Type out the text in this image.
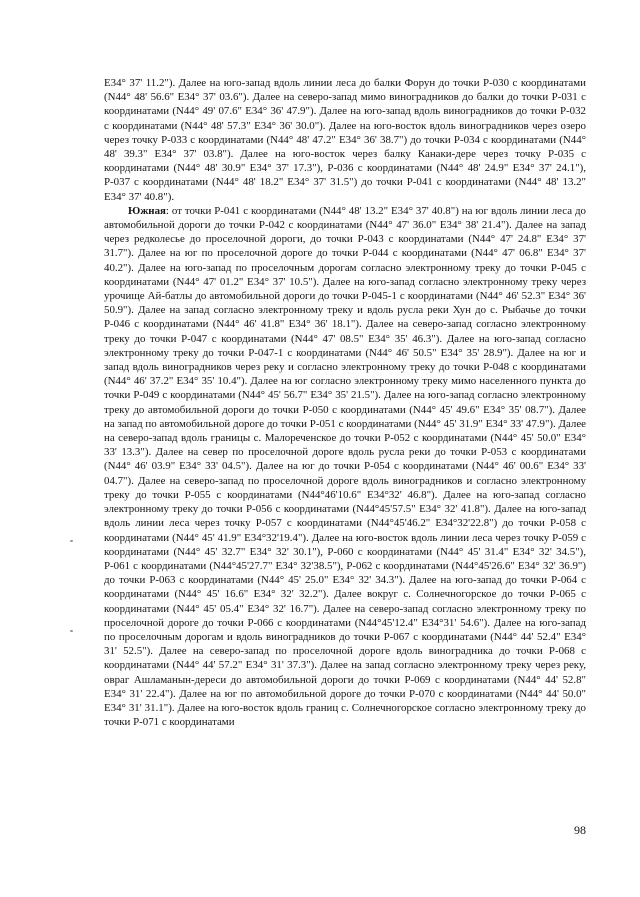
E34° 37' 11.2"). Далее на юго-запад вдоль линии леса до балки Форун до точки Р-030 с координатами (N44° 48' 56.6" E34° 37' 03.6"). Далее на северо-запад мимо виноградников до балки до точки Р-031 с координатами (N44° 49' 07.6" E34° 36' 47.9"). Далее на юго-запад вдоль виноградников до точки Р-032 с координатами (N44° 48' 57.3" E34° 36' 30.0"). Далее на юго-восток вдоль виноградников через озеро через точку Р-033 с координатами (N44° 48' 47.2" E34° 36' 38.7") до точки Р-034 с координатами (N44° 48' 39.3" E34° 37' 03.8"). Далее на юго-восток через балку Канаки-дере через точку Р-035 с координатами (N44° 48' 30.9" E34° 37' 17.3"), Р-036 с координатами (N44° 48' 24.9" E34° 37' 24.1"), Р-037 с координатами (N44° 48' 18.2" E34° 37' 31.5") до точки Р-041 с координатами (N44° 48' 13.2" E34° 37' 40.8").

Южная: от точки Р-041 с координатами (N44° 48' 13.2" E34° 37' 40.8") на юг вдоль линии леса до автомобильной дороги до точки Р-042 с координатами (N44° 47' 36.0" E34° 38' 21.4"). Далее на запад через редколесье до проселочной дороги, до точки Р-043 с координатами (N44° 47' 24.8" E34° 37' 31.7"). Далее на юг по проселочной дороге до точки Р-044 с координатами (N44° 47' 06.8" E34° 37' 40.2"). Далее на юго-запад по проселочным дорогам согласно электронному треку до точки Р-045 с координатами (N44° 47' 01.2" E34° 37' 10.5"). Далее на юго-запад согласно электронному треку через урочище Ай-батлы до автомобильной дороги до точки Р-045-1 с координатами (N44° 46' 52.3" E34° 36' 50.9"). Далее на запад согласно электронному треку и вдоль русла реки Хун до с. Рыбачье до точки Р-046 с координатами (N44° 46' 41.8" E34° 36' 18.1"). Далее на северо-запад согласно электронному треку до точки Р-047 с координатами (N44° 47' 08.5" E34° 35' 46.3"). Далее на юго-запад согласно электронному треку до точки Р-047-1 с координатами (N44° 46' 50.5" E34° 35' 28.9"). Далее на юг и запад вдоль виноградников через реку и согласно электронному треку до точки Р-048 с координатами (N44° 46' 37.2" E34° 35' 10.4"). Далее на юг согласно электронному треку мимо населенного пункта до точки Р-049 с координатами (N44° 45' 56.7" E34° 35' 21.5"). Далее на юго-запад согласно электронному треку до автомобильной дороги до точки Р-050 с координатами (N44° 45' 49.6" E34° 35' 08.7"). Далее на запад по автомобильной дороге до точки Р-051 с координатами (N44° 45' 31.9" E34° 33' 47.9"). Далее на северо-запад вдоль границы с. Малореченское до точки Р-052 с координатами (N44° 45' 50.0" E34° 33' 13.3"). Далее на север по проселочной дороге вдоль русла реки до точки Р-053 с координатами (N44° 46' 03.9" E34° 33' 04.5"). Далее на юг до точки Р-054 с координатами (N44° 46' 00.6" E34° 33' 04.7"). Далее на северо-запад по проселочной дороге вдоль виноградников и согласно электронному треку до точки Р-055 с координатами (N44°46'10.6" E34°32' 46.8"). Далее на юго-запад согласно электронному треку до точки Р-056 с координатами (N44°45'57.5" E34° 32' 41.8"). Далее на юго-запад вдоль линии леса через точку Р-057 с координатами (N44°45'46.2" E34°32'22.8") до точки Р-058 с координатами (N44° 45' 41.9" E34°32'19.4"). Далее на юго-восток вдоль линии леса через точку Р-059 с координатами (N44° 45' 32.7" E34° 32' 30.1"), Р-060 с координатами (N44° 45' 31.4" E34° 32' 34.5"), Р-061 с координатами (N44°45'27.7" E34° 32'38.5"), Р-062 с координатами (N44°45'26.6" E34° 32' 36.9") до точки Р-063 с координатами (N44° 45' 25.0" E34° 32' 34.3"). Далее на юго-запад до точки Р-064 с координатами (N44° 45' 16.6" E34° 32' 32.2"). Далее вокруг с. Солнечногорское до точки Р-065 с координатами (N44° 45' 05.4" E34° 32' 16.7"). Далее на северо-запад согласно электронному треку по проселочной дороге до точки Р-066 с координатами (N44°45'12.4" E34°31' 54.6"). Далее на юго-запад по проселочным дорогам и вдоль виноградников до точки Р-067 с координатами (N44° 44' 52.4" E34° 31' 52.5"). Далее на северо-запад по проселочной дороге вдоль виноградника до точки Р-068 с координатами (N44° 44' 57.2" E34° 31' 37.3"). Далее на запад согласно электронному треку через реку, овраг Ашламанын-дереси до автомобильной дороги до точки Р-069 с координатами (N44° 44' 52.8" E34° 31' 22.4"). Далее на юг по автомобильной дороге до точки Р-070 с координатами (N44° 44' 50.0" E34° 31' 31.1"). Далее на юго-восток вдоль границ с. Солнечногорское согласно электронному треку до точки Р-071 с координатами

98
